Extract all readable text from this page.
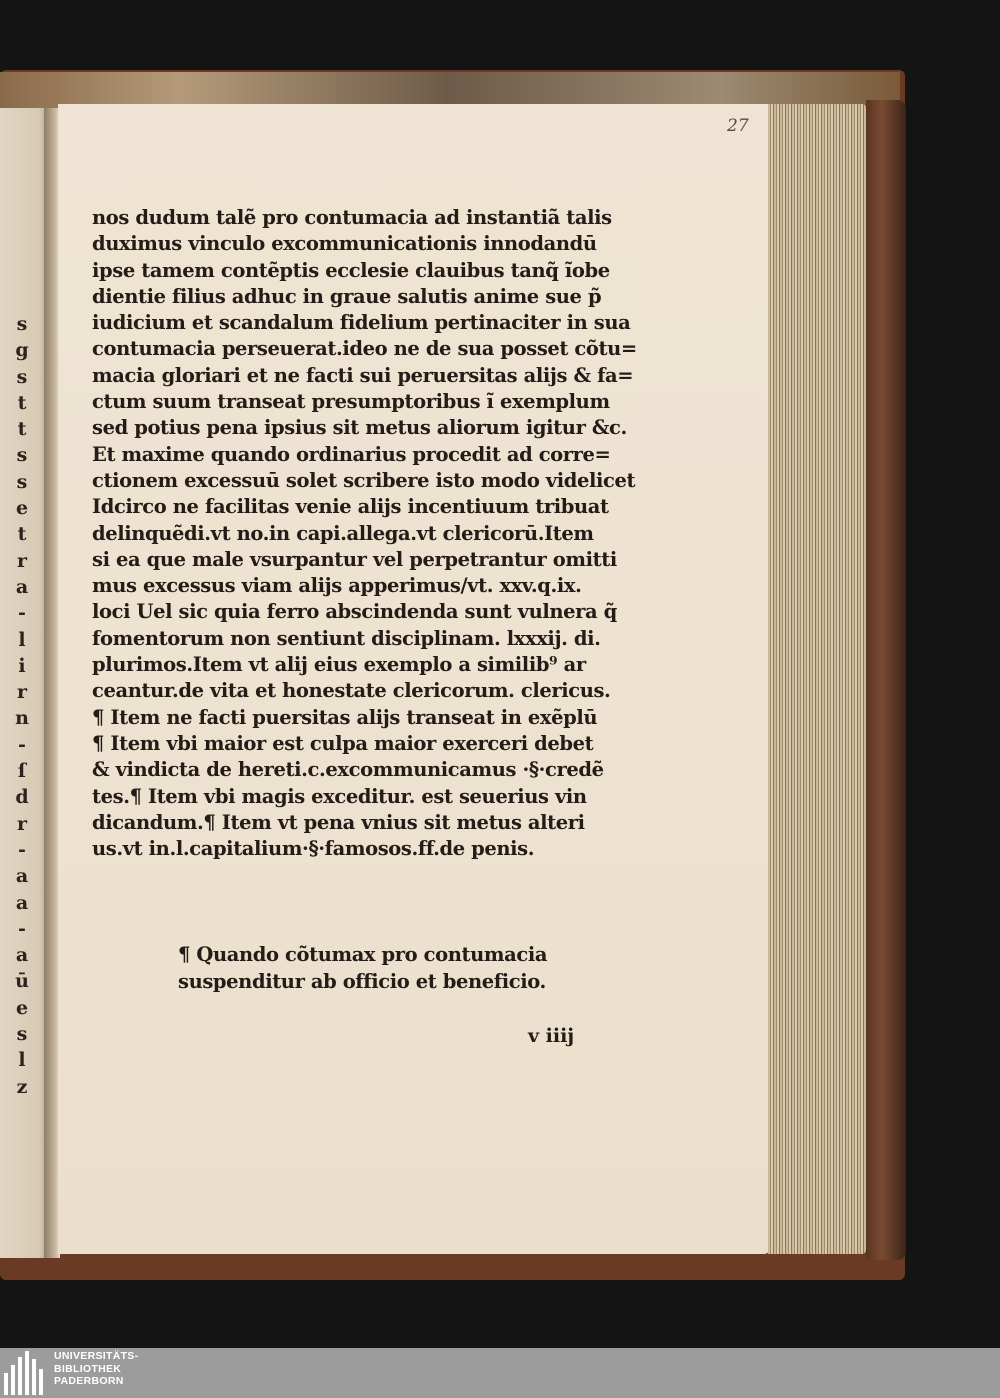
s
g
s
t
t
s
s
e
t
r
a
-
l
i
r
n
-
ſ
d
r
-
a
a
-
a
ū
e
s
l
z
27
nos dudum talẽ pro contumacia ad instantiã talis
duximus vinculo excommunicationis innodandū
ipse tamem contẽptis ecclesie clauibus tanq̃ ĩobe
dientie filius adhuc in graue salutis anime sue p̃
iudicium et scandalum fidelium pertinaciter in sua
contumacia perseuerat.ideo ne de sua posset cõtu=
macia gloriari et ne facti sui peruersitas alijs & fa=
ctum suum transeat presumptoribus ĩ exemplum
sed potius pena ipsius sit metus aliorum igitur &c.
Et maxime quando ordinarius procedit ad corre=
ctionem excessuū solet scribere isto modo videlicet
Idcirco ne facilitas venie alijs incentiuum tribuat
delinquẽdi.vt no.in capi.allega.vt clericorū.Item
si ea que male vsurpantur vel perpetrantur omitti
mus excessus viam alijs apperimus/vt. xxv.q.ix.
loci Uel sic quia ferro abscindenda sunt vulnera q̃
fomentorum non sentiunt disciplinam. lxxxij. di.
plurimos.Item vt alij eius exemplo a similib⁹ ar
ceantur.de vita et honestate clericorum. clericus.
¶ Item ne facti puersitas alijs transeat in exẽplū
¶ Item vbi maior est culpa maior exerceri debet
& vindicta de hereti.c.excommunicamus ·§·credẽ
tes.¶ Item vbi magis exceditur. est seuerius vin
dicandum.¶ Item vt pena vnius sit metus alteri
us.vt in.l.capitalium·§·famosos.ff.de penis.
¶ Quando cõtumax pro contumacia
suspenditur ab officio et beneficio.
v iiij
UNIVERSITÄTS-
BIBLIOTHEK
PADERBORN
